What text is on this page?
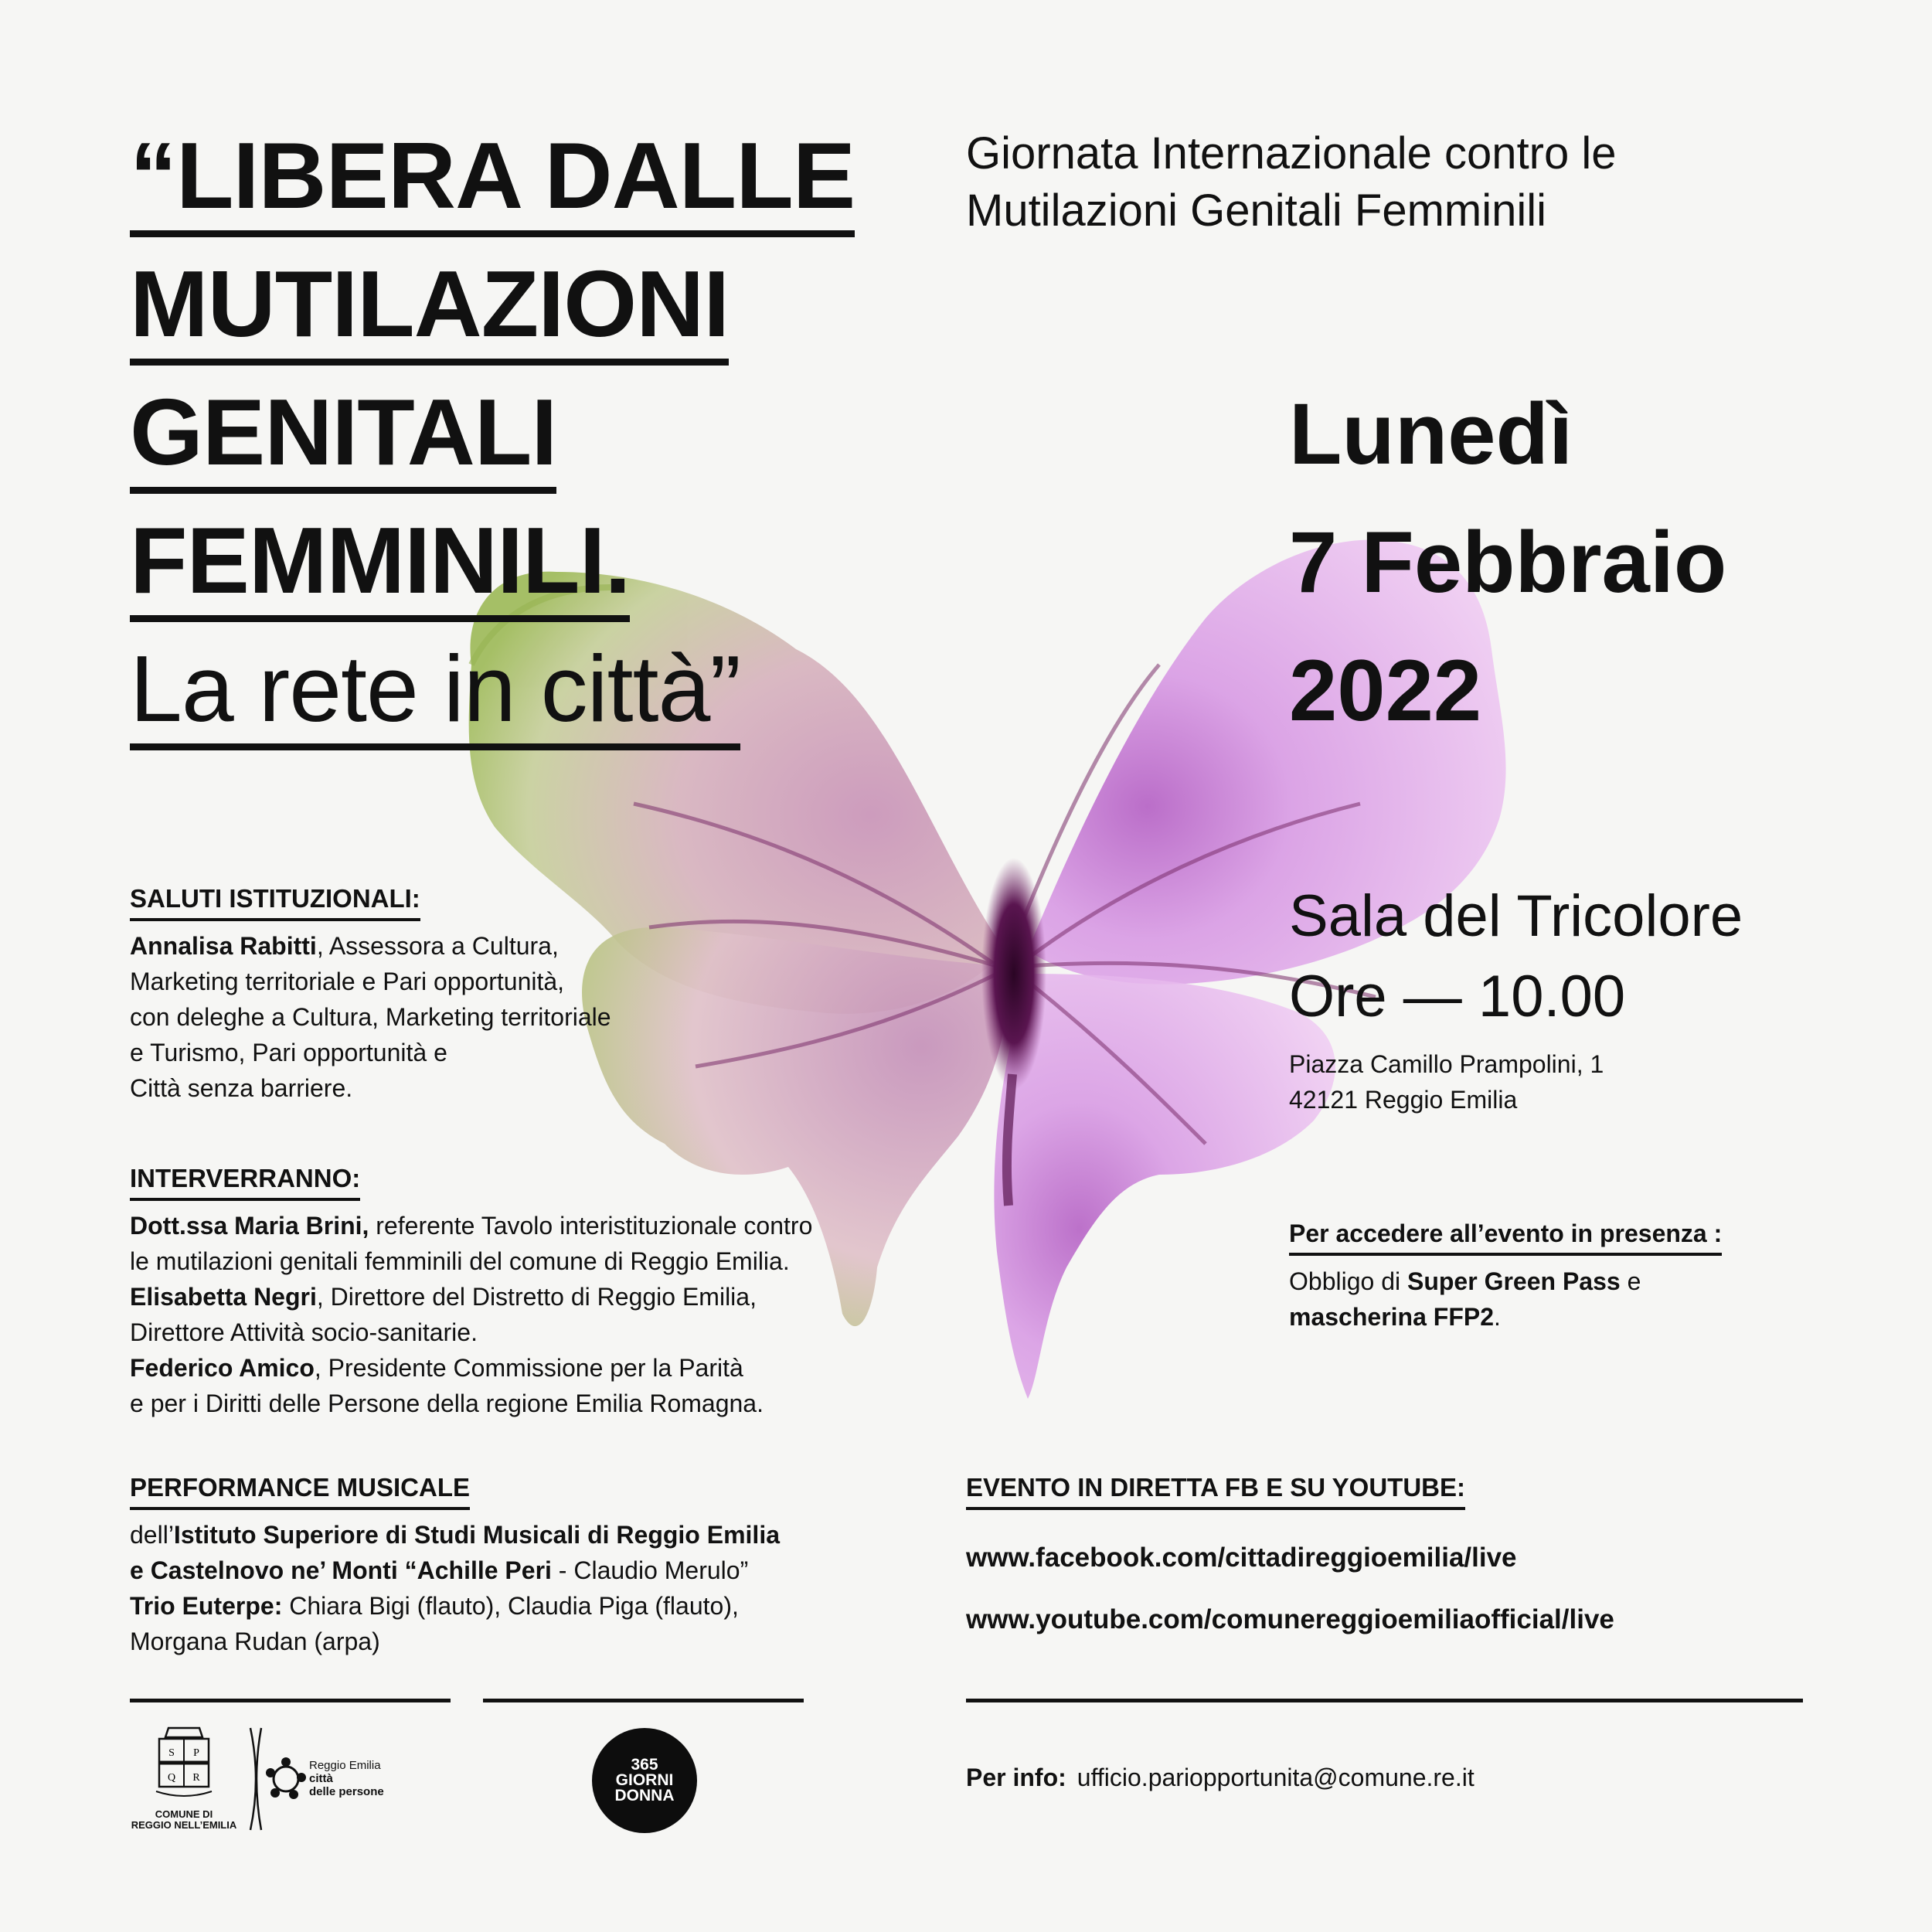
“LIBERA DALLE
MUTILAZIONI
GENITALI
FEMMINILI.
La rete in città”
Giornata Internazionale contro le
Mutilazioni Genitali Femminili
Lunedì
7 Febbraio
2022
Sala del Tricolore
Ore — 10.00
Piazza Camillo Prampolini, 1
42121 Reggio Emilia
SALUTI ISTITUZIONALI:
Annalisa Rabitti, Assessora a Cultura,
Marketing territoriale e Pari opportunità,
con deleghe a Cultura, Marketing territoriale
e Turismo, Pari opportunità e
Città senza barriere.
INTERVERRANNO:
Dott.ssa Maria Brini, referente Tavolo interistituzionale contro
le mutilazioni genitali femminili del comune di Reggio Emilia.
Elisabetta Negri, Direttore del Distretto di Reggio Emilia,
Direttore Attività socio-sanitarie.
Federico Amico, Presidente Commissione per la Parità
e per i Diritti delle Persone della regione Emilia Romagna.
PERFORMANCE MUSICALE
dell’Istituto Superiore di Studi Musicali di Reggio Emilia
e Castelnovo ne’ Monti “Achille Peri - Claudio Merulo”
Trio Euterpe: Chiara Bigi (flauto), Claudia Piga (flauto),
Morgana Rudan (arpa)
Per accedere all’evento in presenza :
Obbligo di Super Green Pass e
mascherina FFP2.
EVENTO IN DIRETTA FB E SU YOUTUBE:
www.facebook.com/cittadireggioemilia/live
www.youtube.com/comunereggioemiliaofficial/live
S P
Q R
COMUNE DI
REGGIO NELL’EMILIA
Reggio Emilia
città
delle persone
365
GIORNI
DONNA
Per info: ufficio.pariopportunita@comune.re.it
